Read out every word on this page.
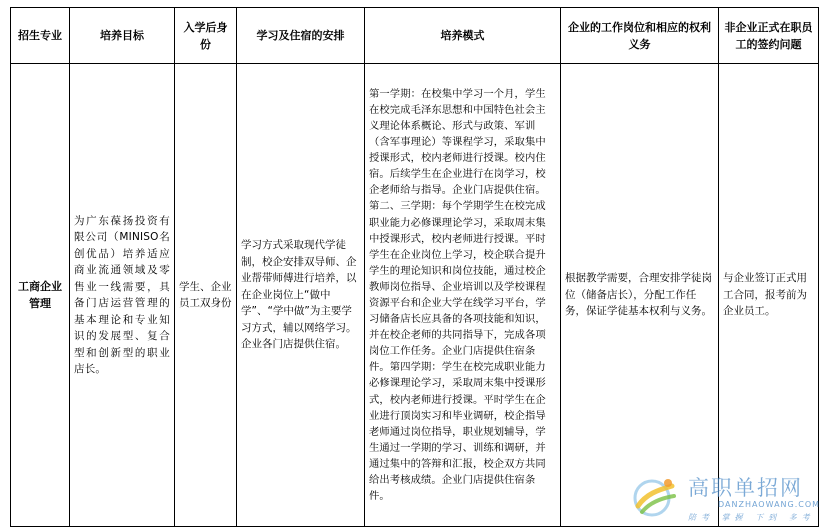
招生专业	培养目标	入学后身份	学习及住宿的安排	培养模式	企业的工作岗位和相应的权利义务	非企业正式在职员工的签约问题
工商企业管理	为广东葆扬投资有限公司（MINISO名创优品）培养适应商业流通领域及零售业一线需要，具备门店运营管理的基本理论和专业知识的发展型、复合型和创新型的职业店长。	学生、企业员工双身份	学习方式采取现代学徒制，校企安排双导师、企业帮带师傅进行培养，以在企业岗位上“做中学”、“学中做”为主要学习方式，辅以网络学习。企业各门店提供住宿。	第一学期：在校集中学习一个月，学生在校完成毛泽东思想和中国特色社会主义理论体系概论、形式与政策、军训（含军事理论）等课程学习，采取集中授课形式，校内老师进行授课。校内住宿。后续学生在企业进行在岗学习，校企老师给与指导。企业门店提供住宿。第二、三学期：每个学期学生在校完成职业能力必修课理论学习，采取周末集中授课形式，校内老师进行授课。平时学生在企业岗位上学习，校企联合提升学生的理论知识和岗位技能，通过校企教师岗位指导、企业培训以及学校课程资源平台和企业大学在线学习平台，学习储备店长应具备的各项技能和知识，并在校企老师的共同指导下，完成各项岗位工作任务。企业门店提供住宿条件。第四学期：学生在校完成职业能力必修课理论学习，采取周末集中授课形式，校内老师进行授课。平时学生在企业进行顶岗实习和毕业调研，校企指导老师通过岗位指导，职业规划辅导，学生通过一学期的学习、训练和调研，并通过集中的答辩和汇报，校企双方共同给出考核成绩。企业门店提供住宿条件。	根据教学需要，合理安排学徒岗位（储备店长），分配工作任务，保证学徒基本权利与义务。	与企业签订正式用工合同，报考前为企业员工。
高职单招网
DANZHAOWANG.COM
陪考 掌握 下到 多考
